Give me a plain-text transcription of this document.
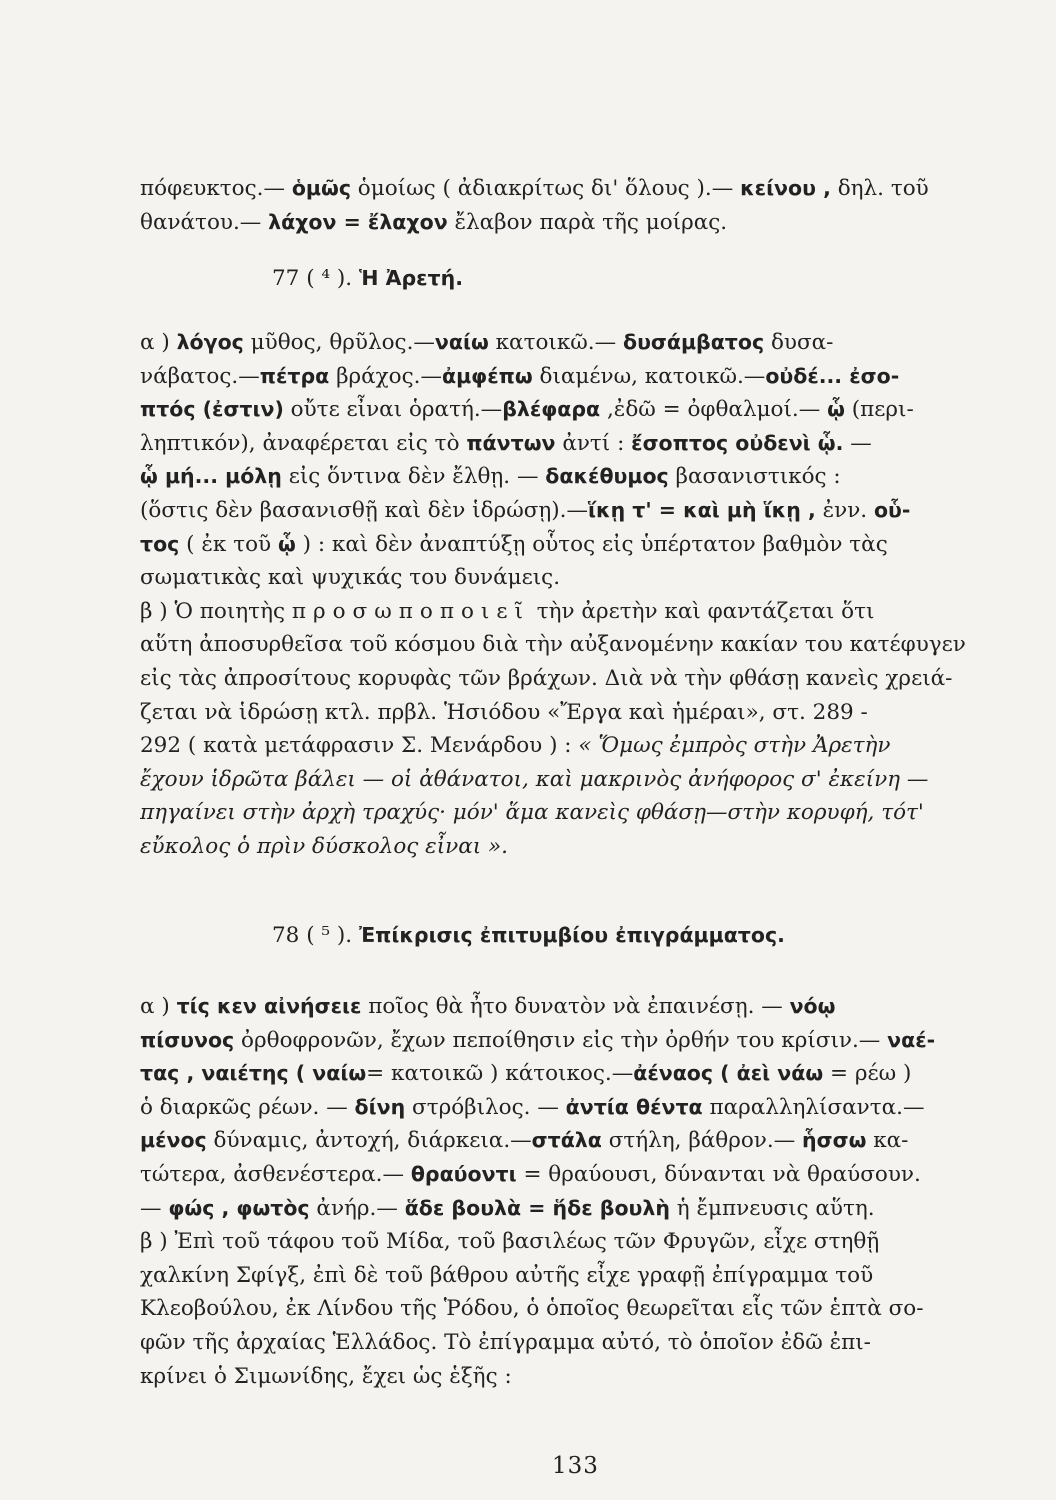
πόφευκτος.— ὁμῶς ὁμοίως ( ἀδιακρίτως δι' ὅλους ).— κείνου , δηλ. τοῦ
θανάτου.— λάχον = ἔλαχον ἔλαβον παρὰ τῆς μοίρας.
77 ( ⁴ ). Ἡ Ἀρετή.
α ) λόγος μῦθος, θρῦλος.—ναίω κατοικῶ.— δυσάμβατος δυσα-
νάβατος.—πέτρα βράχος.—ἀμφέπω διαμένω, κατοικῶ.—οὐδέ... ἐσο-
πτός (ἐστιν) οὔτε εἶναι ὁρατή.—βλέφαρα ,ἐδῶ = ὀφθαλμοί.— ᾧ (περι-
ληπτικόν), ἀναφέρεται εἰς τὸ πάντων ἀντί : ἔσοπτος οὐδενὶ ᾧ. —
ᾧ μή... μόλῃ εἰς ὅντινα δὲν ἔλθῃ. — δακέθυμος βασανιστικός :
(ὅστις δὲν βασανισθῇ καὶ δὲν ἱδρώσῃ).—ἵκῃ τ' = καὶ μὴ ἵκῃ , ἐνν. οὗ-
τος ( ἐκ τοῦ ᾧ ) : καὶ δὲν ἀναπτύξῃ οὗτος εἰς ὑπέρτατον βαθμὸν τὰς
σωματικὰς καὶ ψυχικάς του δυνάμεις.
β ) Ὁ ποιητὴς προσωποποιεῖ τὴν ἀρετὴν καὶ φαντάζεται ὅτι
αὕτη ἀποσυρθεῖσα τοῦ κόσμου διὰ τὴν αὐξανομένην κακίαν του κατέφυγεν
εἰς τὰς ἀπροσίτους κορυφὰς τῶν βράχων. Διὰ νὰ τὴν φθάσῃ κανεὶς χρειά-
ζεται νὰ ἱδρώσῃ κτλ. πρβλ. Ἡσιόδου «Ἔργα καὶ ἡμέραι», στ. 289 -
292 ( κατὰ μετάφρασιν Σ. Μενάρδου ) : « Ὅμως ἐμπρὸς στὴν Ἀρετὴν
ἔχουν ἱδρῶτα βάλει — οἱ ἀθάνατοι, καὶ μακρινὸς ἀνήφορος σ' ἐκείνη —
πηγαίνει στὴν ἀρχὴ τραχύς· μόν' ἅμα κανεὶς φθάσῃ—στὴν κορυφή, τότ'
εὔκολος ὁ πρὶν δύσκολος εἶναι ».
78 ( ⁵ ). Ἐπίκρισις ἐπιτυμβίου ἐπιγράμματος.
α ) τίς κεν αἰνήσειε ποῖος θὰ ἦτο δυνατὸν νὰ ἐπαινέσῃ. — νόῳ
πίσυνος ὀρθοφρονῶν, ἔχων πεποίθησιν εἰς τὴν ὀρθήν του κρίσιν.— ναέ-
τας , ναιέτης ( ναίω= κατοικῶ ) κάτοικος.—ἀέναος ( ἀεὶ νάω = ρέω )
ὁ διαρκῶς ρέων. — δίνη στρόβιλος. — ἀντία θέντα παραλληλίσαντα.—
μένος δύναμις, ἀντοχή, διάρκεια.—στάλα στήλη, βάθρον.— ἧσσω κα-
τώτερα, ἀσθενέστερα.— θραύοντι = θραύουσι, δύνανται νὰ θραύσουν.
— φώς , φωτὸς ἀνήρ.— ἅδε βουλὰ = ἥδε βουλὴ ἡ ἔμπνευσις αὕτη.
β ) Ἐπὶ τοῦ τάφου τοῦ Μίδα, τοῦ βασιλέως τῶν Φρυγῶν, εἶχε στηθῇ
χαλκίνη Σφίγξ, ἐπὶ δὲ τοῦ βάθρου αὐτῆς εἶχε γραφῇ ἐπίγραμμα τοῦ
Κλεοβούλου, ἐκ Λίνδου τῆς Ῥόδου, ὁ ὁποῖος θεωρεῖται εἷς τῶν ἑπτὰ σο-
φῶν τῆς ἀρχαίας Ἑλλάδος. Τὸ ἐπίγραμμα αὐτό, τὸ ὁποῖον ἐδῶ ἐπι-
κρίνει ὁ Σιμωνίδης, ἔχει ὡς ἑξῆς :
133
